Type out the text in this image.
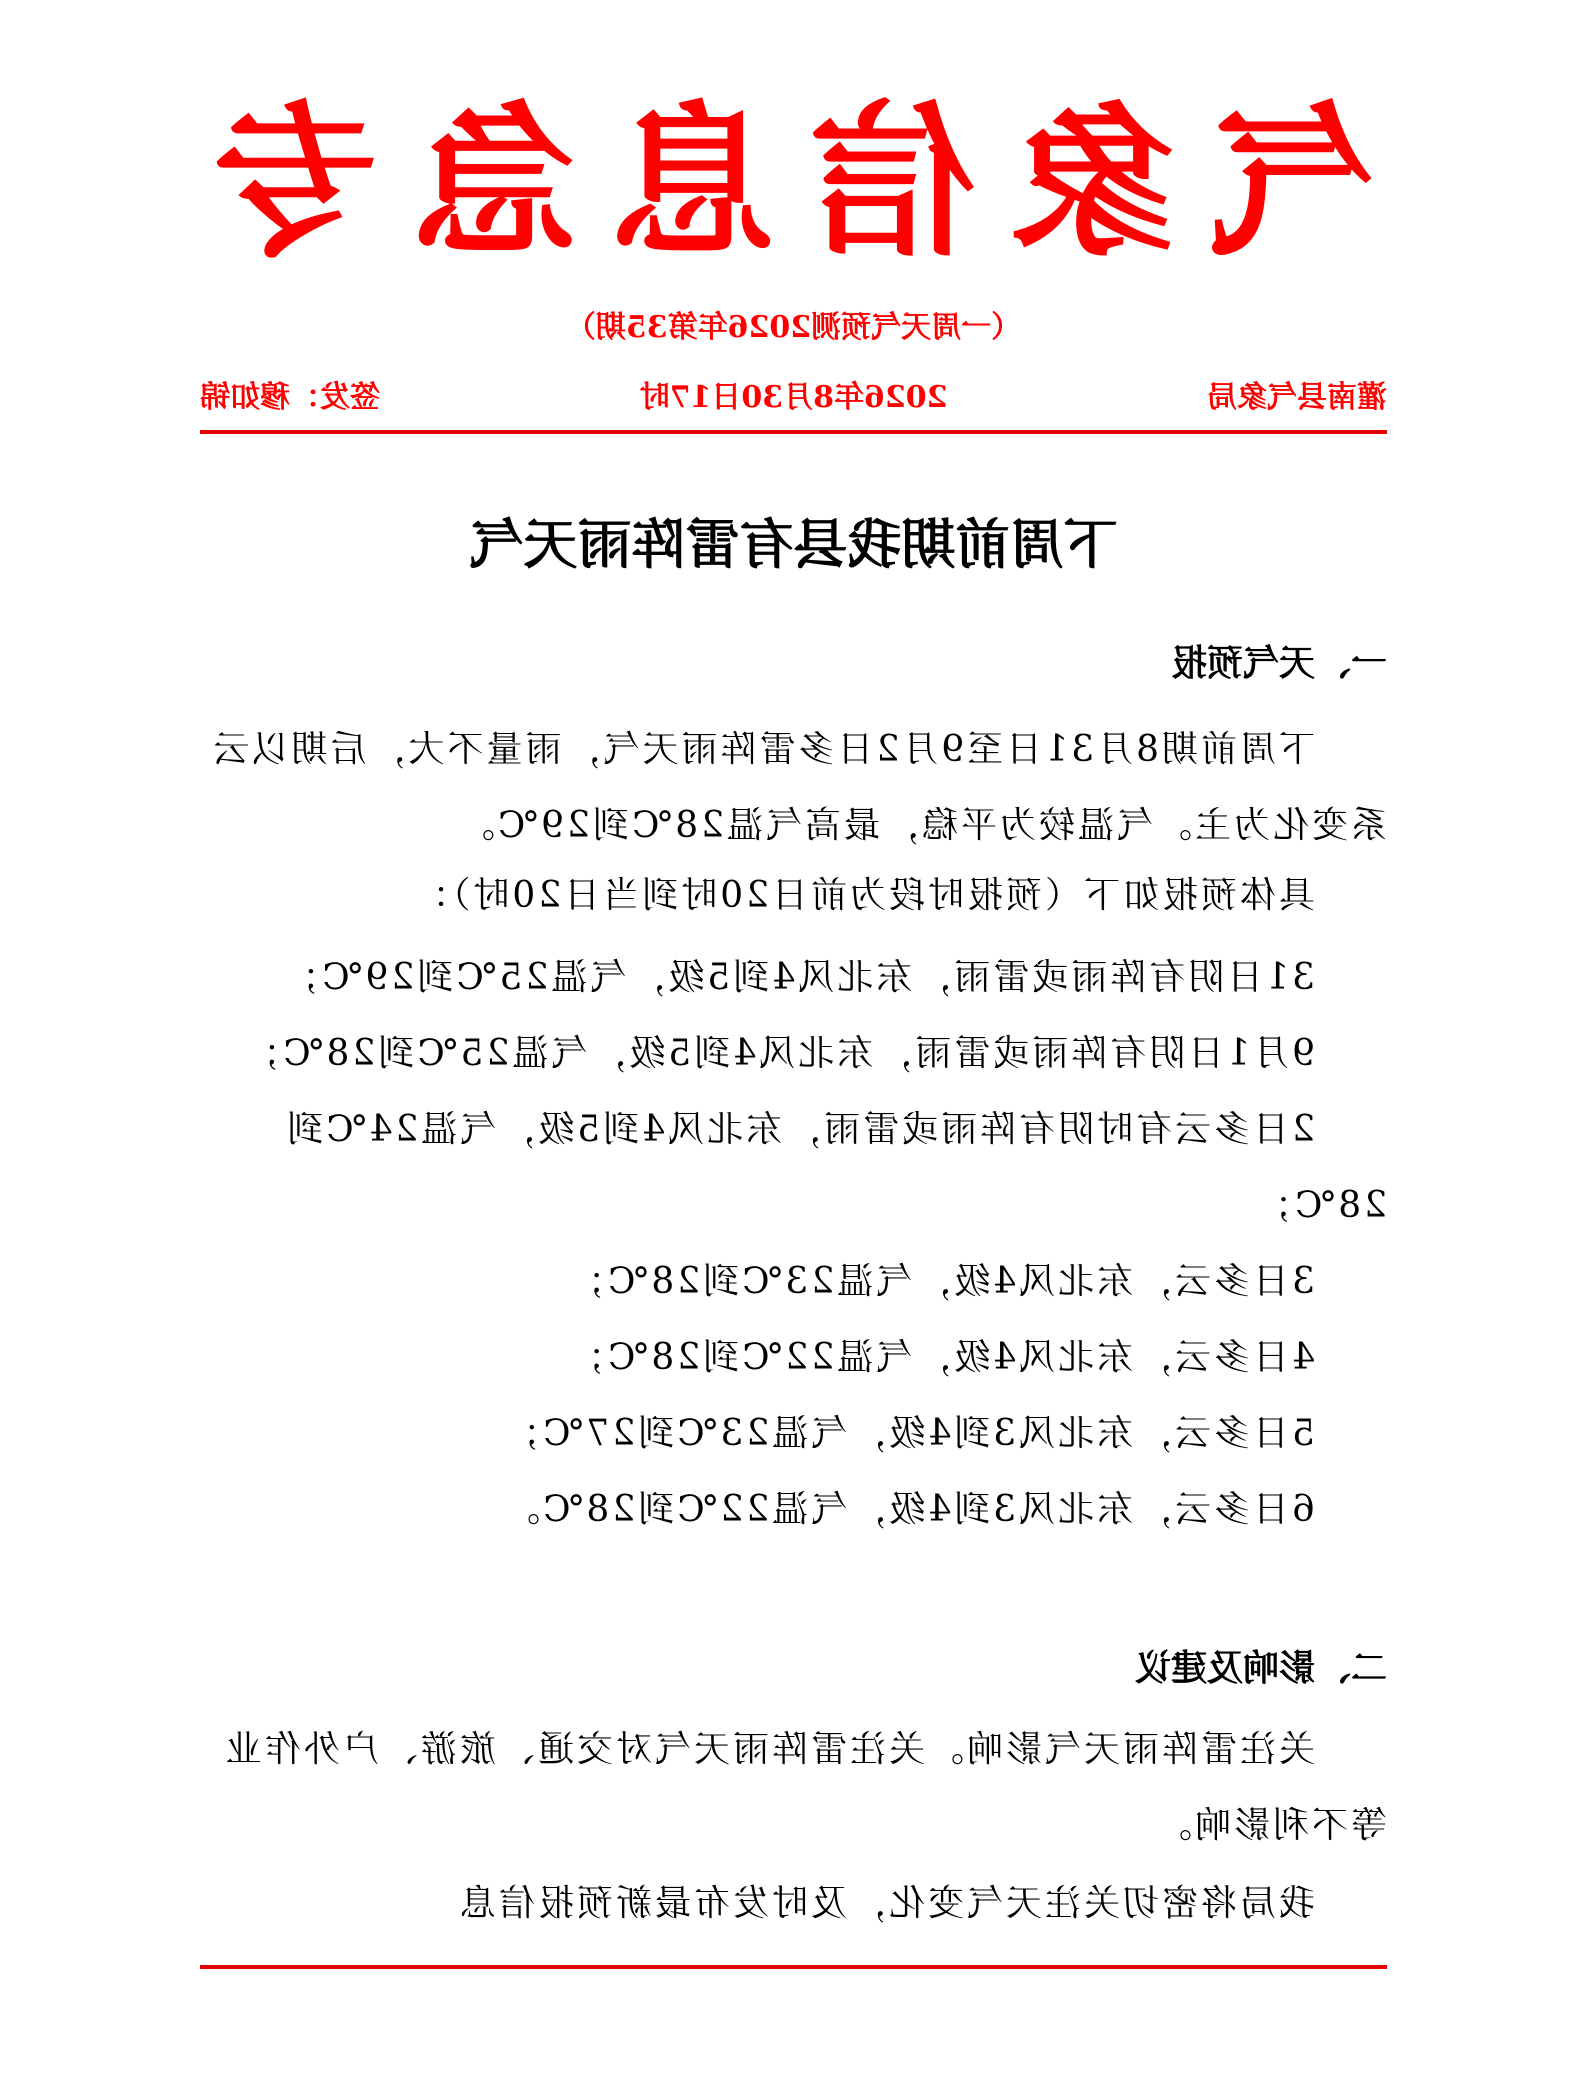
气
象
信
息
急
专
（一周天气预测2026年第35期）
灌南县气象局
2026年8月30日17时
签发：穆如锦
下周前期我县有雷阵雨天气
一、天气预报
下周前期8月31日至9月2日多雷阵雨天气，雨量不大，后期以云系变化为主。气温较为平稳，最高气温28℃到29℃。
具体预报如下（预报时段为前日20时到当日20时）：
31日阴有阵雨或雷雨，东北风4到5级，气温25℃到29℃；
9月1日阴有阵雨或雷雨，东北风4到5级，气温25℃到28℃；
2日多云有时阴有阵雨或雷雨，东北风4到5级，气温24℃到28℃；
3日多云，东北风4级，气温23℃到28℃；
4日多云，东北风4级，气温22℃到28℃；
5日多云，东北风3到4级，气温23℃到27℃；
6日多云，东北风3到4级，气温22℃到28℃。
二、影响及建议
关注雷阵雨天气影响。关注雷阵雨天气对交通、旅游、户外作业等不利影响。
我局将密切关注天气变化，及时发布最新预报信息
